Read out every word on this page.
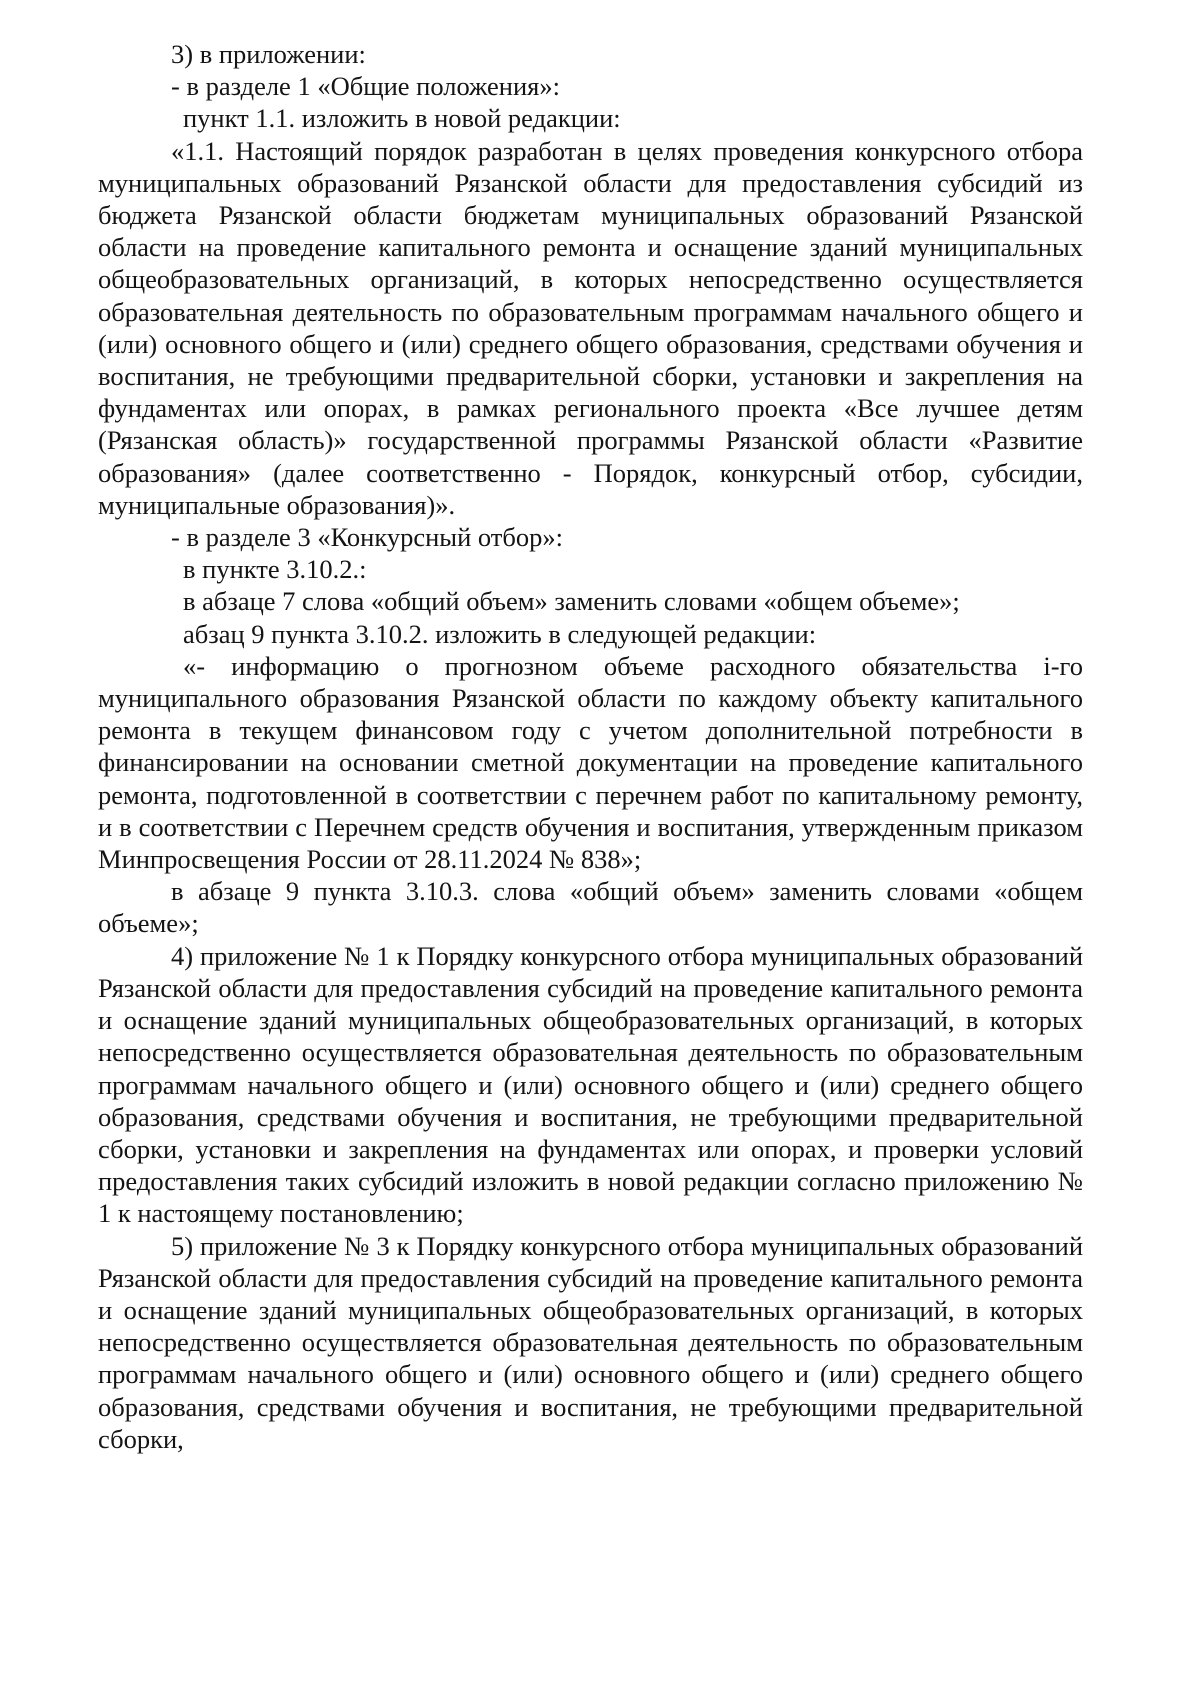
3) в приложении:

- в разделе 1 «Общие положения»:

пункт 1.1. изложить в новой редакции:

«1.1. Настоящий порядок разработан в целях проведения конкурсного отбора муниципальных образований Рязанской области для предоставления субсидий из бюджета Рязанской области бюджетам муниципальных образований Рязанской области на проведение капитального ремонта и оснащение зданий муниципальных общеобразовательных организаций, в которых непосредственно осуществляется образовательная деятельность по образовательным программам начального общего и (или) основного общего и (или) среднего общего образования, средствами обучения и воспитания, не требующими предварительной сборки, установки и закрепления на фундаментах или опорах, в рамках регионального проекта «Все лучшее детям (Рязанская область)» государственной программы Рязанской области «Развитие образования» (далее соответственно - Порядок, конкурсный отбор, субсидии, муниципальные образования)».

- в разделе 3 «Конкурсный отбор»:

в пункте 3.10.2.:

в абзаце 7 слова «общий объем» заменить словами «общем объеме»;

абзац 9 пункта 3.10.2. изложить в следующей редакции:

«- информацию о прогнозном объеме расходного обязательства i-го муниципального образования Рязанской области по каждому объекту капитального ремонта в текущем финансовом году с учетом дополнительной потребности в финансировании на основании сметной документации на проведение капитального ремонта, подготовленной в соответствии с перечнем работ по капитальному ремонту, и в соответствии с Перечнем средств обучения и воспитания, утвержденным приказом Минпросвещения России от 28.11.2024 № 838»;

в абзаце 9 пункта 3.10.3. слова «общий объем» заменить словами «общем объеме»;

4) приложение № 1 к Порядку конкурсного отбора муниципальных образований Рязанской области для предоставления субсидий на проведение капитального ремонта и оснащение зданий муниципальных общеобразовательных организаций, в которых непосредственно осуществляется образовательная деятельность по образовательным программам начального общего и (или) основного общего и (или) среднего общего образования, средствами обучения и воспитания, не требующими предварительной сборки, установки и закрепления на фундаментах или опорах, и проверки условий предоставления таких субсидий изложить в новой редакции согласно приложению № 1 к настоящему постановлению;

5) приложение № 3 к Порядку конкурсного отбора муниципальных образований Рязанской области для предоставления субсидий на проведение капитального ремонта и оснащение зданий муниципальных общеобразовательных организаций, в которых непосредственно осуществляется образовательная деятельность по образовательным программам начального общего и (или) основного общего и (или) среднего общего образования, средствами обучения и воспитания, не требующими предварительной сборки,
